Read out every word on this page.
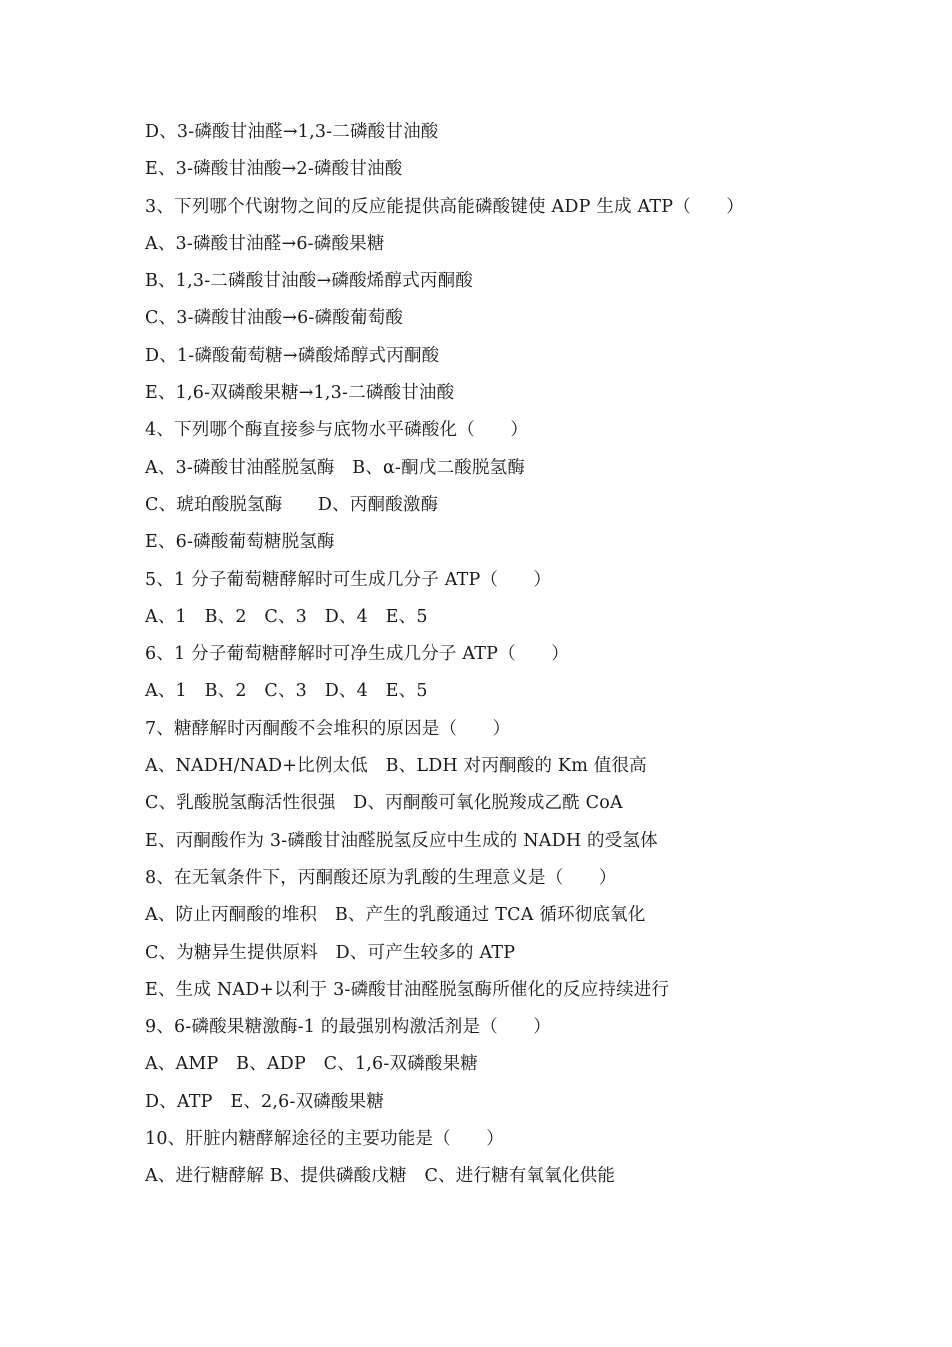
D、3-磷酸甘油醛→1,3-二磷酸甘油酸
E、3-磷酸甘油酸→2-磷酸甘油酸
3、下列哪个代谢物之间的反应能提供高能磷酸键使 ADP 生成 ATP（　　）
A、3-磷酸甘油醛→6-磷酸果糖
B、1,3-二磷酸甘油酸→磷酸烯醇式丙酮酸
C、3-磷酸甘油酸→6-磷酸葡萄酸
D、1-磷酸葡萄糖→磷酸烯醇式丙酮酸
E、1,6-双磷酸果糖→1,3-二磷酸甘油酸
4、下列哪个酶直接参与底物水平磷酸化（　　）
A、3-磷酸甘油醛脱氢酶　B、α-酮戊二酸脱氢酶
C、琥珀酸脱氢酶　　D、丙酮酸激酶
E、6-磷酸葡萄糖脱氢酶
5、1 分子葡萄糖酵解时可生成几分子 ATP（　　）
A、1　B、2　C、3　D、4　E、5
6、1 分子葡萄糖酵解时可净生成几分子 ATP（　　）
A、1　B、2　C、3　D、4　E、5
7、糖酵解时丙酮酸不会堆积的原因是（　　）
A、NADH/NAD+比例太低　B、LDH 对丙酮酸的 Km 值很高
C、乳酸脱氢酶活性很强　D、丙酮酸可氧化脱羧成乙酰 CoA
E、丙酮酸作为 3-磷酸甘油醛脱氢反应中生成的 NADH 的受氢体
8、在无氧条件下，丙酮酸还原为乳酸的生理意义是（　　）
A、防止丙酮酸的堆积　B、产生的乳酸通过 TCA 循环彻底氧化
C、为糖异生提供原料　D、可产生较多的 ATP
E、生成 NAD+以利于 3-磷酸甘油醛脱氢酶所催化的反应持续进行
9、6-磷酸果糖激酶-1 的最强别构激活剂是（　　）
A、AMP　B、ADP　C、1,6-双磷酸果糖
D、ATP　E、2,6-双磷酸果糖
10、肝脏内糖酵解途径的主要功能是（　　）
A、进行糖酵解 B、提供磷酸戊糖　C、进行糖有氧氧化供能
